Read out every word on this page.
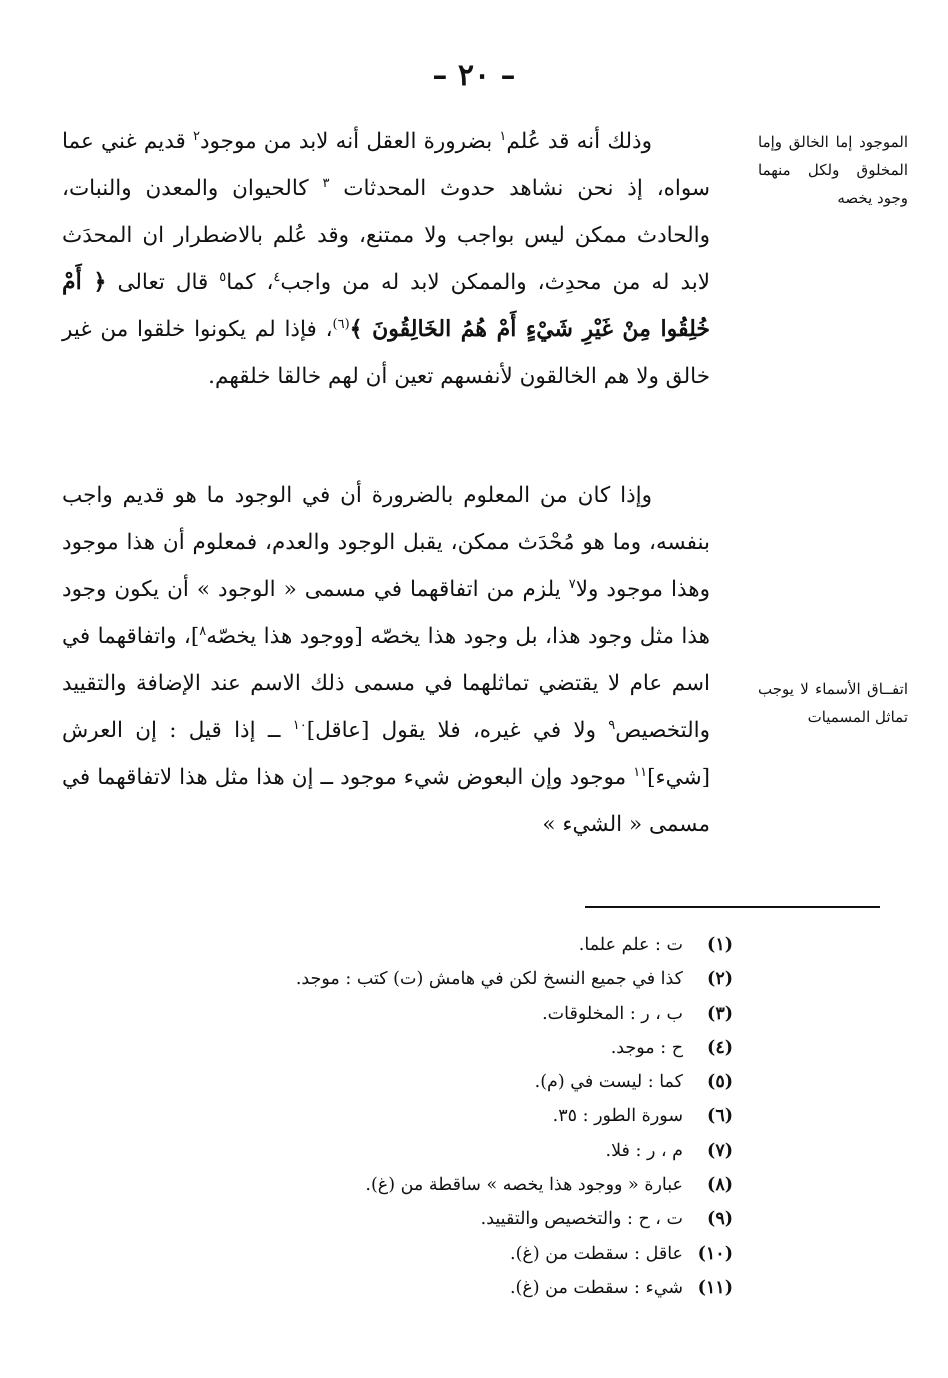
– ٢٠ –
الموجود إما الخالق وإما المخلوق ولكل منهما وجود يخصه
اتفــاق الأسماء لا يوجب تماثل المسميات

وذلك أنه قد عُلم$^١$ بضرورة العقل أنه لابد من موجود$^٢$ قديم غني عما سواه، إذ نحن نشاهد حدوث المحدثات $^٣$ كالحيوان والمعدن والنبات، والحادث ممكن ليس بواجب ولا ممتنع، وقد عُلم بالاضطرار ان المحدَث لابد له من محدِث، والممكن لابد له من واجب$^٤$، كما$^٥$ قال تعالى ﴿ أَمْ خُلِقُوا مِنْ غَيْرِ شَيْءٍ أَمْ هُمُ الخَالِقُونَ ﴾$^{(٦)}$، فإذا لم يكونوا خلقوا من غير خالق ولا هم الخالقون لأنفسهم تعين أن لهم خالقا خلقهم.

وإذا كان من المعلوم بالضرورة أن في الوجود ما هو قديم واجب بنفسه، وما هو مُحْدَث ممكن، يقبل الوجود والعدم، فمعلوم أن هذا موجود وهذا موجود ولا$^٧$ يلزم من اتفاقهما في مسمى « الوجود » أن يكون وجود هذا مثل وجود هذا، بل وجود هذا يخصّه [ووجود هذا يخصّه$^٨$]، واتفاقهما في اسم عام لا يقتضي تماثلهما في مسمى ذلك الاسم عند الإضافة والتقييد والتخصيص$^٩$ ولا في غيره، فلا يقول [عاقل]$^{١٠}$ ــ إذا قيل : إن العرش [شيء]$^{١١}$ موجود وإن البعوض شيء موجود ــ إن هذا مثل هذا لاتفاقهما في مسمى « الشيء »

(١)ت : علم علما.
(٢)كذا في جميع النسخ لكن في هامش (ت) كتب : موجد.
(٣)ب ، ر : المخلوقات.
(٤)ح : موجد.
(٥)كما : ليست في (م).
(٦)سورة الطور : ٣٥.
(٧)م ، ر : فلا.
(٨)عبارة « ووجود هذا يخصه » ساقطة من (غ).
(٩)ت ، ح : والتخصيص والتقييد.
(١٠)عاقل : سقطت من (غ).
(١١)شيء : سقطت من (غ).
